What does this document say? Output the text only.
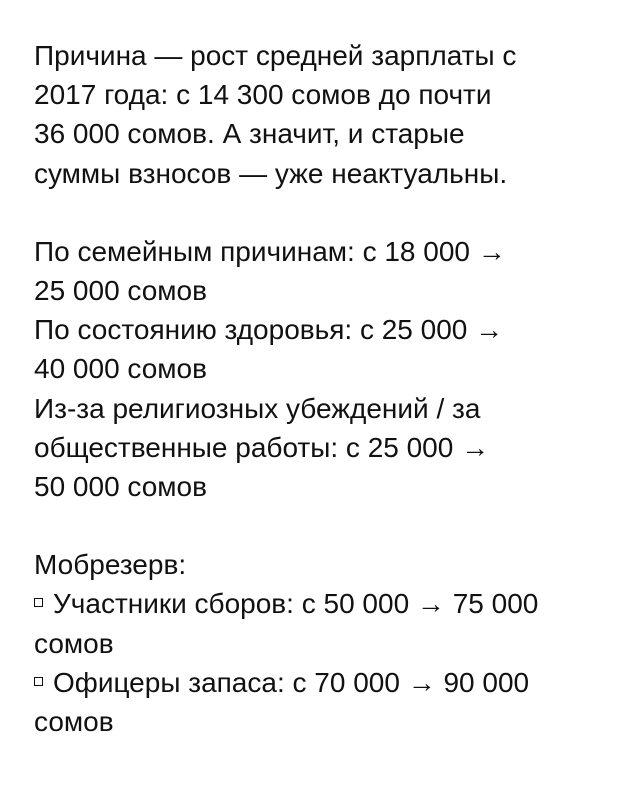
Причина — рост средней зарплаты с
2017 года: с 14 300 сомов до почти
36 000 сомов. А значит, и старые
суммы взносов — уже неактуальны.
По семейным причинам: с 18 000 →
25 000 сомов
По состоянию здоровья: с 25 000 →
40 000 сомов
Из-за религиозных убеждений / за
общественные работы: с 25 000 →
50 000 сомов
Мобрезерв:
Участники сборов: с 50 000 → 75 000
сомов
Офицеры запаса: с 70 000 → 90 000
сомов
